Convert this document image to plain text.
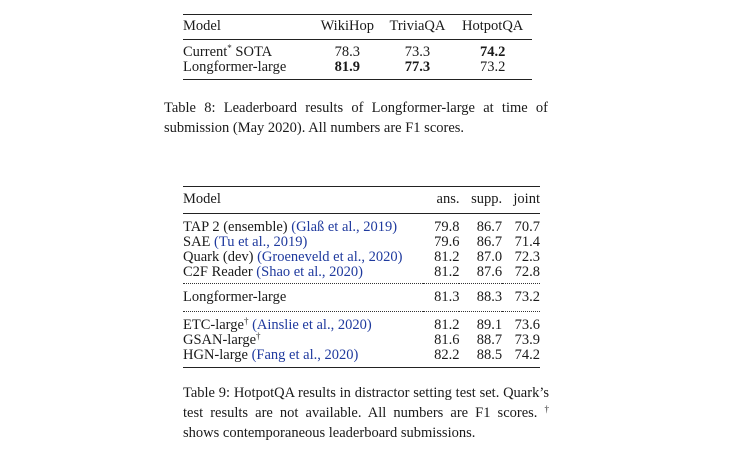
Model	WikiHop	TriviaQA	HotpotQA
Current* SOTA	78.3	73.3	74.2
Longformer-large	81.9	77.3	73.2
Table 8: Leaderboard results of Longformer-large at time of submission (May 2020). All numbers are F1 scores.
Model	ans.	supp.	joint
TAP 2 (ensemble) (Glaß et al., 2019)	79.8	86.7	70.7
SAE (Tu et al., 2019)	79.6	86.7	71.4
Quark (dev) (Groeneveld et al., 2020)	81.2	87.0	72.3
C2F Reader (Shao et al., 2020)	81.2	87.6	72.8
Longformer-large	81.3	88.3	73.2
ETC-large† (Ainslie et al., 2020)	81.2	89.1	73.6
GSAN-large†	81.6	88.7	73.9
HGN-large (Fang et al., 2020)	82.2	88.5	74.2
Table 9: HotpotQA results in distractor setting test set. Quark’s test results are not available. All numbers are F1 scores. † shows contemporaneous leaderboard submissions.
